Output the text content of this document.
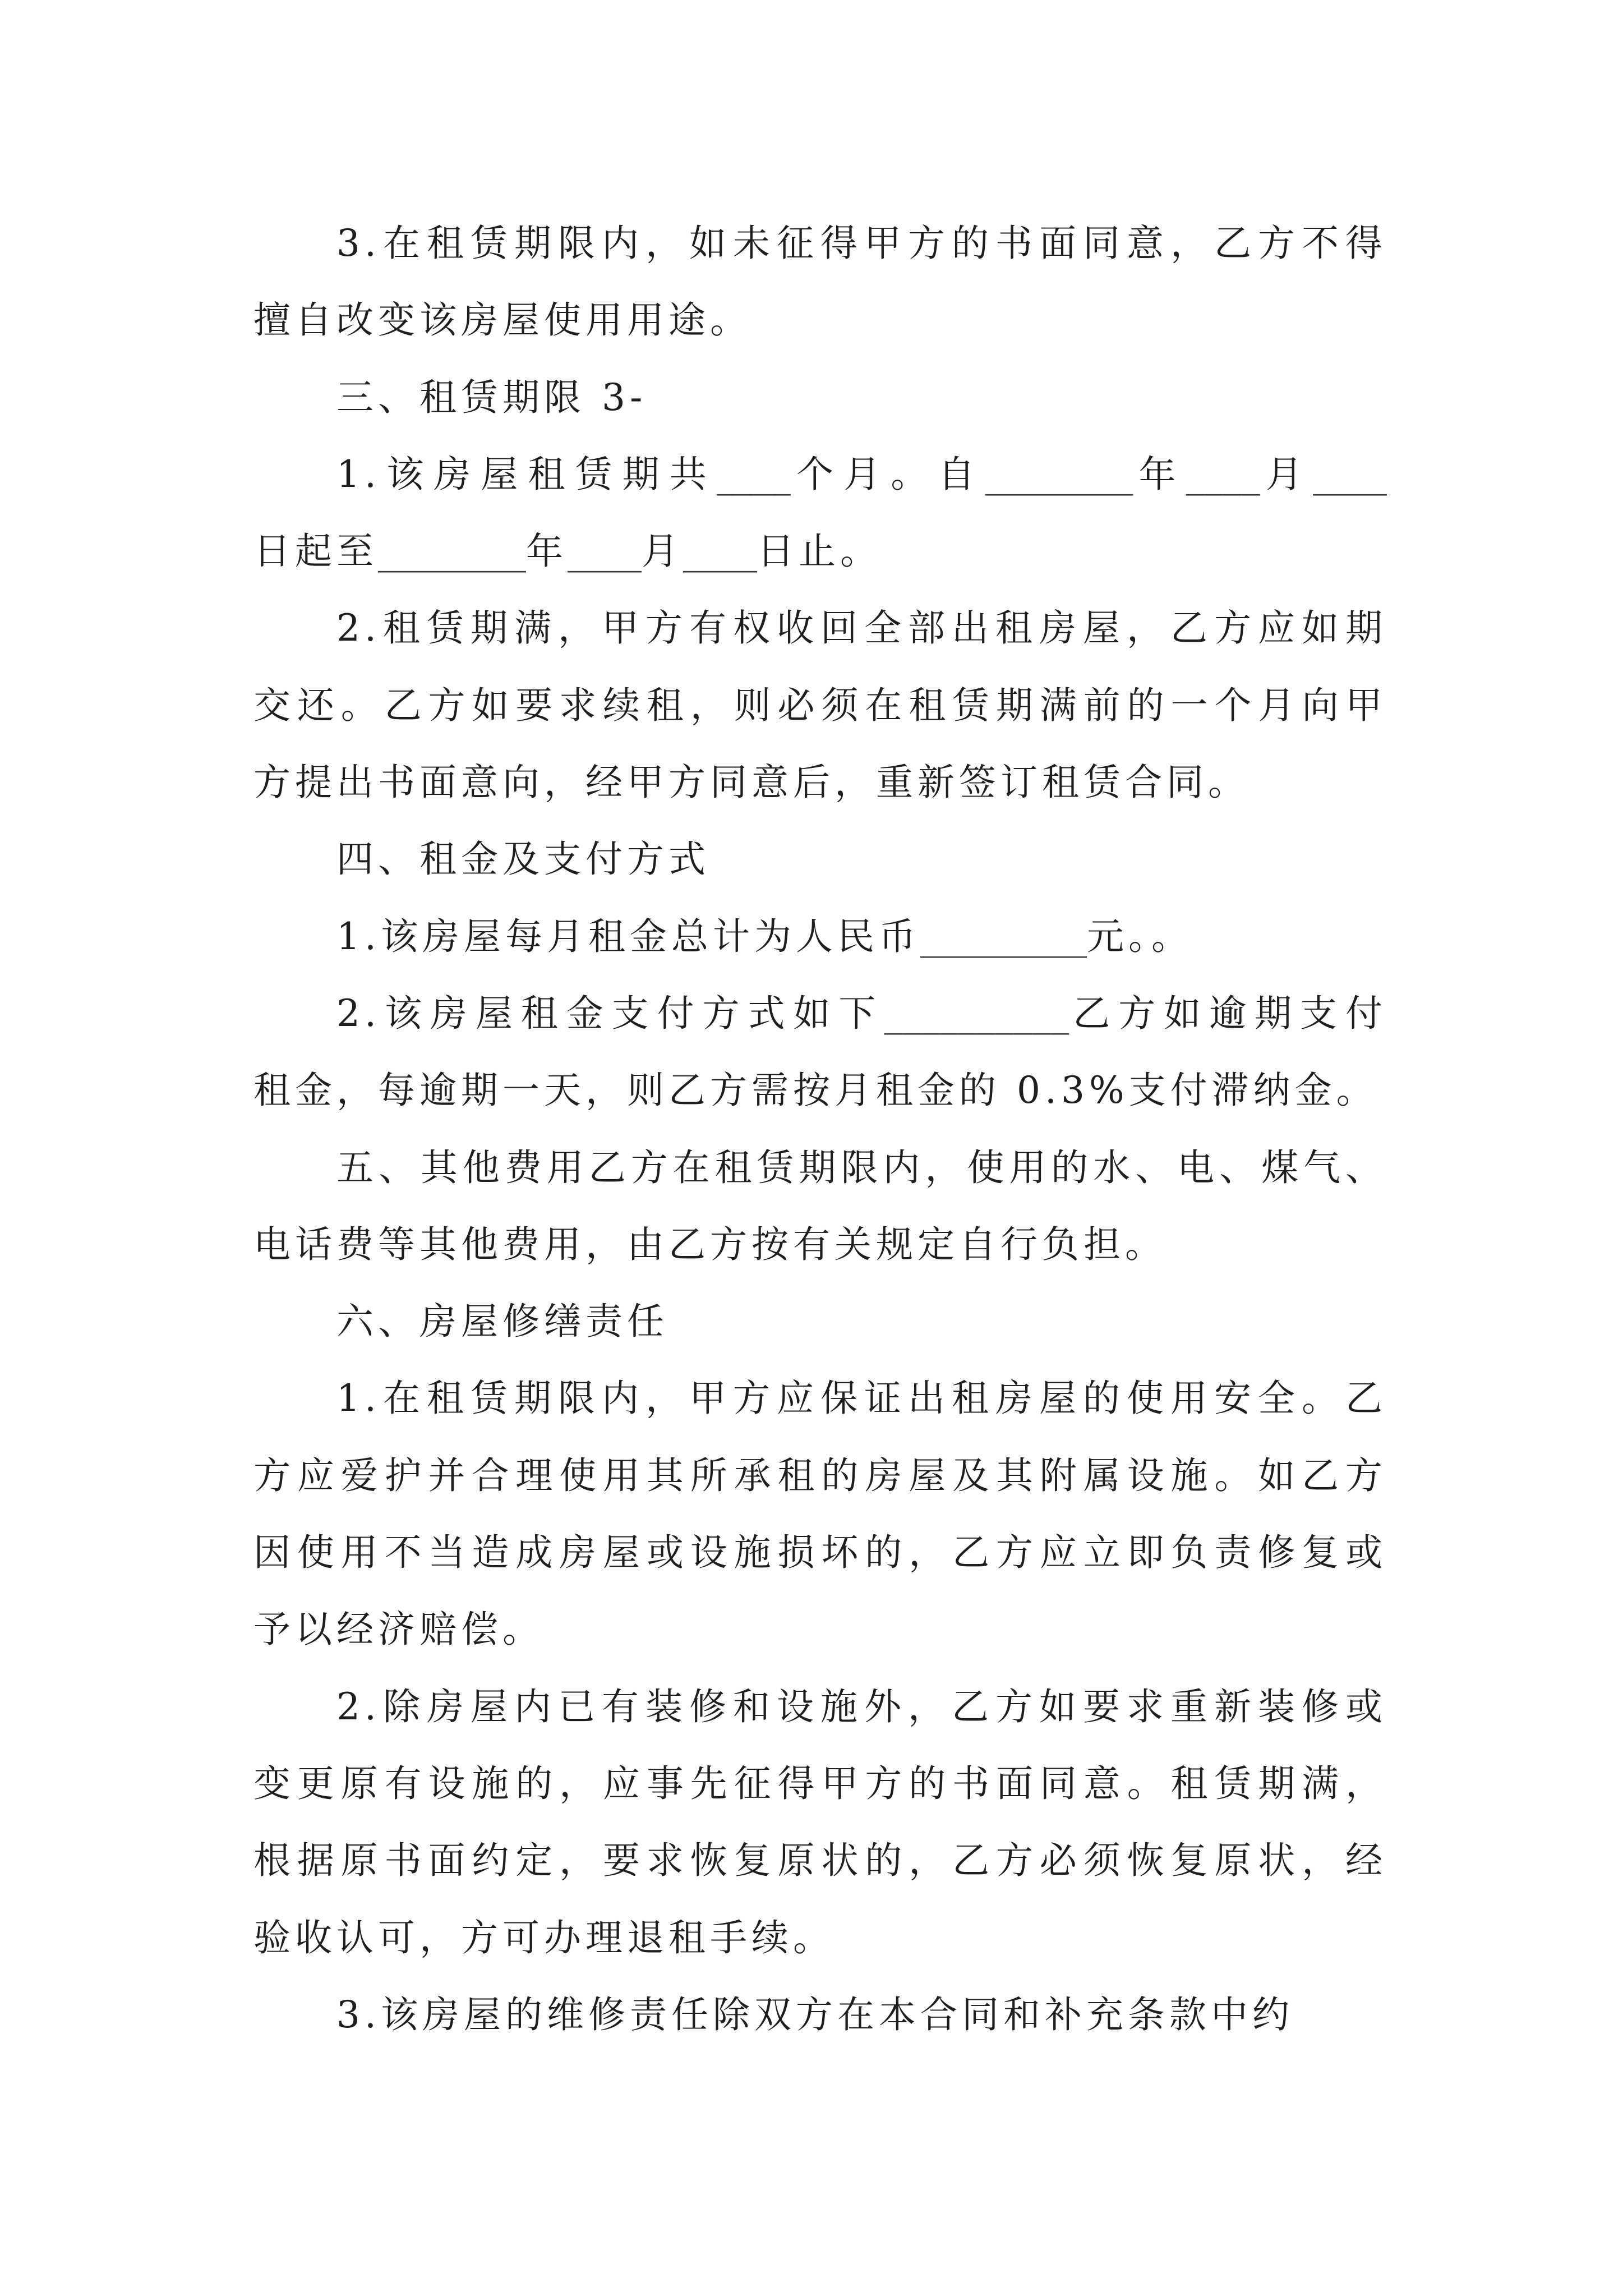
3.在租赁期限内，如未征得甲方的书面同意，乙方不得
擅自改变该房屋使用用途。
三、租赁期限 3-
1.该房屋租赁期共____个月。自________年____月____
日起至________年____月____日止。
2.租赁期满，甲方有权收回全部出租房屋，乙方应如期
交还。乙方如要求续租，则必须在租赁期满前的一个月向甲
方提出书面意向，经甲方同意后，重新签订租赁合同。
四、租金及支付方式
1.该房屋每月租金总计为人民币_________元。。
2.该房屋租金支付方式如下__________乙方如逾期支付
租金，每逾期一天，则乙方需按月租金的 0.3%支付滞纳金。
五、其他费用乙方在租赁期限内，使用的水、电、煤气、
电话费等其他费用，由乙方按有关规定自行负担。
六、房屋修缮责任
1.在租赁期限内，甲方应保证出租房屋的使用安全。乙
方应爱护并合理使用其所承租的房屋及其附属设施。如乙方
因使用不当造成房屋或设施损坏的，乙方应立即负责修复或
予以经济赔偿。
2.除房屋内已有装修和设施外，乙方如要求重新装修或
变更原有设施的，应事先征得甲方的书面同意。租赁期满，
根据原书面约定，要求恢复原状的，乙方必须恢复原状，经
验收认可，方可办理退租手续。
3.该房屋的维修责任除双方在本合同和补充条款中约
